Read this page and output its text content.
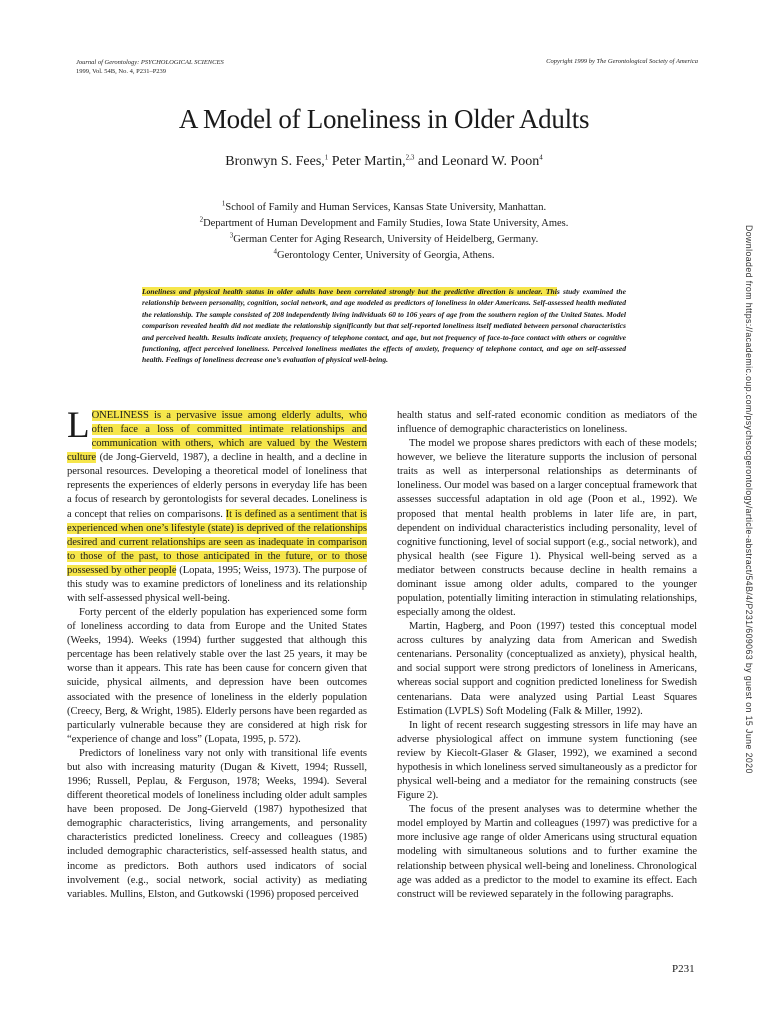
Journal of Gerontology: PSYCHOLOGICAL SCIENCES
1999, Vol. 54B, No. 4, P231–P239
Copyright 1999 by The Gerontological Society of America
A Model of Loneliness in Older Adults
Bronwyn S. Fees,$^1$ Peter Martin,$^{2,3}$ and Leonard W. Poon$^4$
$^1$School of Family and Human Services, Kansas State University, Manhattan.
$^2$Department of Human Development and Family Studies, Iowa State University, Ames.
$^3$German Center for Aging Research, University of Heidelberg, Germany.
$^4$Gerontology Center, University of Georgia, Athens.
Loneliness and physical health status in older adults have been correlated strongly but the predictive direction is unclear. This study examined the relationship between personality, cognition, social network, and age modeled as predictors of loneliness in older Americans. Self-assessed health mediated the relationship. The sample consisted of 208 independently living individuals 60 to 106 years of age from the southern region of the United States. Model comparison revealed health did not mediate the relationship significantly but that self-reported loneliness itself mediated between personal characteristics and perceived health. Results indicate anxiety, frequency of telephone contact, and age, but not frequency of face-to-face contact with others or cognitive functioning, affect perceived loneliness. Perceived loneliness mediates the effects of anxiety, frequency of telephone contact, and age on self-assessed health. Feelings of loneliness decrease one’s evaluation of physical well-being.

LONELINESS is a pervasive issue among elderly adults, who often face a loss of committed intimate relationships and communication with others, which are valued by the Western culture (de Jong-Gierveld, 1987), a decline in health, and a decline in personal resources. Developing a theoretical model of loneliness that represents the experiences of elderly persons in everyday life has been a focus of research by gerontologists for several decades. Loneliness is a concept that relies on comparisons. It is defined as a sentiment that is experienced when one’s lifestyle (state) is deprived of the relationships desired and current relationships are seen as inadequate in comparison to those of the past, to those anticipated in the future, or to those possessed by other people (Lopata, 1995; Weiss, 1973). The purpose of this study was to examine predictors of loneliness and its relationship with self-assessed physical well-being.

Forty percent of the elderly population has experienced some form of loneliness according to data from Europe and the United States (Weeks, 1994). Weeks (1994) further suggested that although this percentage has been relatively stable over the last 25 years, it may be worse than it appears. This rate has been cause for concern given that suicide, physical ailments, and depression have been outcomes associated with the presence of loneliness in the elderly population (Creecy, Berg, & Wright, 1985). Elderly persons have been regarded as particularly vulnerable because they are considered at high risk for “experience of change and loss” (Lopata, 1995, p. 572).

Predictors of loneliness vary not only with transitional life events but also with increasing maturity (Dugan & Kivett, 1994; Russell, 1996; Russell, Peplau, & Ferguson, 1978; Weeks, 1994). Several different theoretical models of loneliness including older adult samples have been proposed. De Jong-Gierveld (1987) hypothesized that demographic characteristics, living arrangements, and personality characteristics predicted loneliness. Creecy and colleagues (1985) included demographic characteristics, self-assessed health status, and income as predictors. Both authors used indicators of social involvement (e.g., social network, social activity) as mediating variables. Mullins, Elston, and Gutkowski (1996) proposed perceived

health status and self-rated economic condition as mediators of the influence of demographic characteristics on loneliness.

The model we propose shares predictors with each of these models; however, we believe the literature supports the inclusion of personal traits as well as interpersonal relationships as determinants of loneliness. Our model was based on a larger conceptual framework that assesses successful adaptation in old age (Poon et al., 1992). We proposed that mental health problems in later life are, in part, dependent on individual characteristics including personality, level of cognitive functioning, level of social support (e.g., social network), and physical health (see Figure 1). Physical well-being served as a mediator between constructs because decline in health remains a dominant issue among older adults, compared to the younger population, potentially limiting interaction in stimulating relationships, especially among the oldest.

Martin, Hagberg, and Poon (1997) tested this conceptual model across cultures by analyzing data from American and Swedish centenarians. Personality (conceptualized as anxiety), physical health, and social support were strong predictors of loneliness in Americans, whereas social support and cognition predicted loneliness for Swedish centenarians. Data were analyzed using Partial Least Squares Estimation (LVPLS) Soft Modeling (Falk & Miller, 1992).

In light of recent research suggesting stressors in life may have an adverse physiological affect on immune system functioning (see review by Kiecolt-Glaser & Glaser, 1992), we examined a second hypothesis in which loneliness served simultaneously as a predictor for physical well-being and a mediator for the remaining constructs (see Figure 2).

The focus of the present analyses was to determine whether the model employed by Martin and colleagues (1997) was predictive for a more inclusive age range of older Americans using structural equation modeling with simultaneous solutions and to further examine the relationship between physical well-being and loneliness. Chronological age was added as a predictor to the model to examine its effect. Each construct will be reviewed separately in the following paragraphs.

P231
Downloaded from https://academic.oup.com/psychsocgerontology/article-abstract/54B/4/P231/609063 by guest on 15 June 2020
